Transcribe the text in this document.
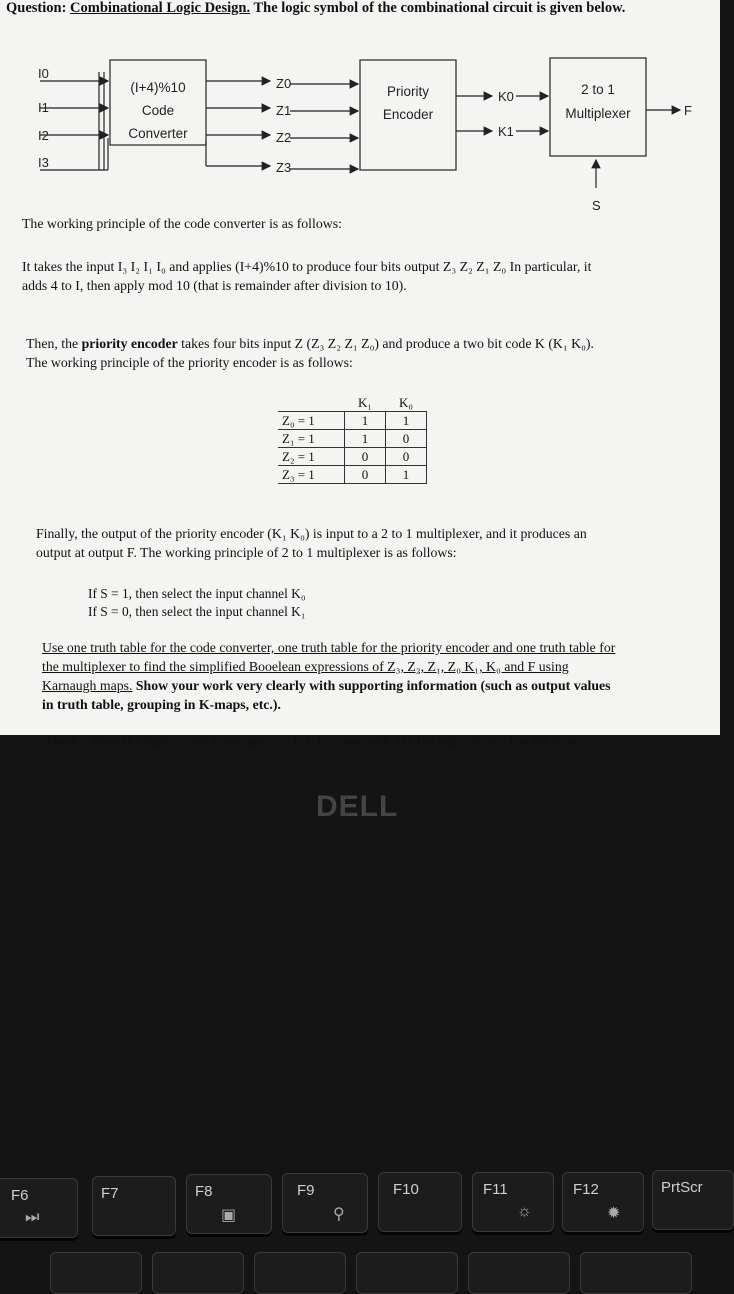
Question: Combinational Logic Design. The logic symbol of the combinational circuit is given below.
I0
I1
I2
I3
(I+4)%10
Code
Converter
Z0
Z1
Z2
Z3
Priority
Encoder
K0
K1
2 to 1
Multiplexer	F
S

The working principle of the code converter is as follows:

It takes the input I₃ I₂ I₁ I₀ and applies (I+4)%10 to produce four bits output Z₃ Z₂ Z₁ Z₀ In particular, it

adds 4 to I, then apply mod 10 (that is remainder after division to 10).

Then, the priority encoder takes four bits input Z (Z₃ Z₂ Z₁ Z₀) and produce a two bit code K (K₁ K₀).

The working principle of the priority encoder is as follows:

	K₁	K₀
Z₀ = 1	1	1
Z₁ = 1	1	0
Z₂ = 1	0	0
Z₃ = 1	0	1

Finally, the output of the priority encoder (K₁ K₀) is input to a 2 to 1 multiplexer, and it produces an

output at output F. The working principle of 2 to 1 multiplexer is as follows:

If S = 1, then select the input channel K₀

If S = 0, then select the input channel K₁

Use one truth table for the code converter, one truth table for the priority encoder and one truth table for

the multiplexer to find the simplified Booelean expressions of Z₃, Z₂, Z₁, Z₀ K₁, K₀ and F using

Karnaugh maps. Show your work very clearly with supporting information (such as output values

in truth table, grouping in K-maps, etc.).

Finally, draw the logic circuit from inputs I₃ I₂ I₁ I₀ to output F. On the logic circuit, test the input

DELL
F6
⏭
F7	F8
▣
F9
⚲
F10	F11
☼
F12
✹
PrtScr
